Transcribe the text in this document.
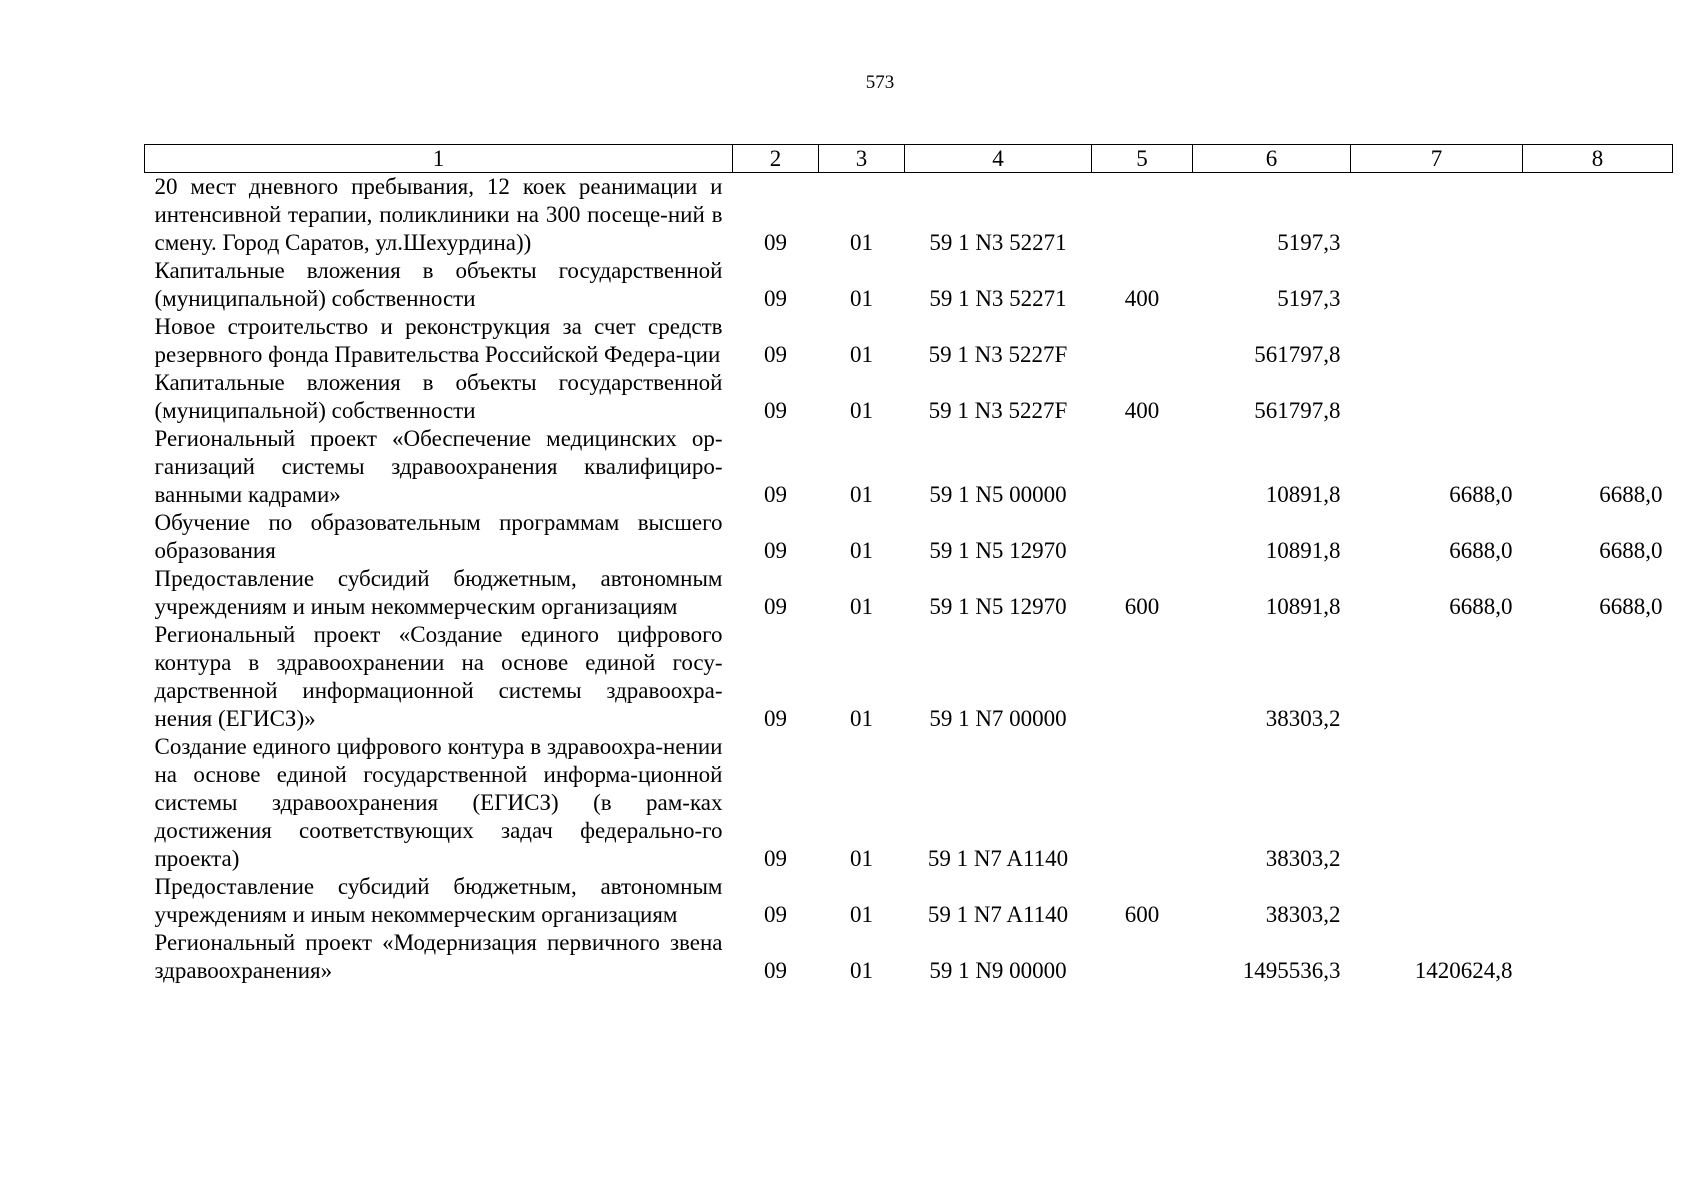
573
1	2	3	4	5	6	7	8
20 мест дневного пребывания, 12 коек реанимации и интенсивной терапии, поликлиники на 300 посеще-ний в смену. Город Саратов, ул.Шехурдина))	09	01	59 1 N3 52271		5197,3		
Капитальные вложения в объекты государственной (муниципальной) собственности	09	01	59 1 N3 52271	400	5197,3		
Новое строительство и реконструкция за счет средств резервного фонда Правительства Российской Федера-ции	09	01	59 1 N3 5227F		561797,8		
Капитальные вложения в объекты государственной (муниципальной) собственности	09	01	59 1 N3 5227F	400	561797,8		
Региональный проект «Обеспечение медицинских ор-ганизаций системы здравоохранения квалифициро-ванными кадрами»	09	01	59 1 N5 00000		10891,8	6688,0	6688,0
Обучение по образовательным программам высшего образования	09	01	59 1 N5 12970		10891,8	6688,0	6688,0
Предоставление субсидий бюджетным, автономным учреждениям и иным некоммерческим организациям	09	01	59 1 N5 12970	600	10891,8	6688,0	6688,0
Региональный проект «Создание единого цифрового контура в здравоохранении на основе единой госу-дарственной информационной системы здравоохра-нения (ЕГИСЗ)»	09	01	59 1 N7 00000		38303,2		
Создание единого цифрового контура в здравоохра-нении на основе единой государственной информа-ционной системы здравоохранения (ЕГИСЗ) (в рам-ках достижения соответствующих задач федерально-го проекта)	09	01	59 1 N7 A1140		38303,2		
Предоставление субсидий бюджетным, автономным учреждениям и иным некоммерческим организациям	09	01	59 1 N7 A1140	600	38303,2		
Региональный проект «Модернизация первичного звена здравоохранения»	09	01	59 1 N9 00000		1495536,3	1420624,8	
